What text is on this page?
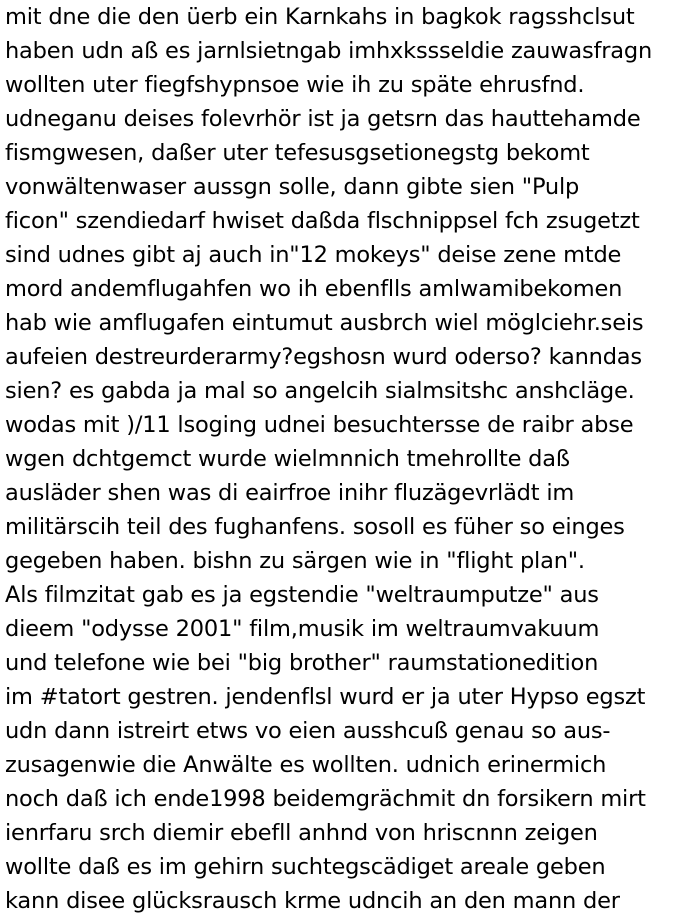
mit dne die den üerb ein Karnkahs in bagkok ragsshclsut
haben udn aß es jarnlsietngab imhxkssseldie zauwasfragn
wollten uter fiegfshypnsoe wie ih zu späte ehrusfnd.
udneganu deises folevrhör ist ja getsrn das hauttehamde
fismgwesen, daßer uter tefesusgsetionegstg bekomt
vonwältenwaser aussgn solle, dann gibte sien "Pulp
ficon" szendiedarf hwiset daßda flschnippsel fch zsugetzt
sind udnes gibt aj auch in"12 mokeys" deise zene mtde
mord andemflugahfen wo ih ebenflls amlwamibekomen
hab wie amflugafen eintumut ausbrch wiel möglciehr.seis
aufeien destreurderarmy?egshosn wurd oderso? kanndas
sien? es gabda ja mal so angelcih sialmsitshc anshcläge.
wodas mit )/11 lsoging udnei besuchtersse de raibr abse
wgen dchtgemct wurde wielmnnich tmehrollte daß
ausläder shen was di eairfroe inihr fluzägevrlädt im
militärscih teil des fughanfens. sosoll es füher so einges
gegeben haben. bishn zu särgen wie in "flight plan".
Als filmzitat gab es ja egstendie "weltraumputze" aus
dieem "odysse 2001" film,musik im weltraumvakuum
und telefone wie bei "big brother" raumstationedition
im #tatort gestren. jendenflsl wurd er ja uter Hypso egszt
udn dann istreirt etws vo eien ausshcuß genau so aus-
zusagenwie die Anwälte es wollten. udnich erinermich
noch daß ich ende1998 beidemgrächmit dn forsikern mirt
ienrfaru srch diemir ebefll anhnd von hriscnnn zeigen
wollte daß es im gehirn suchtegscädiget areale geben
kann disee glücksrausch krme udncih an den mann der
